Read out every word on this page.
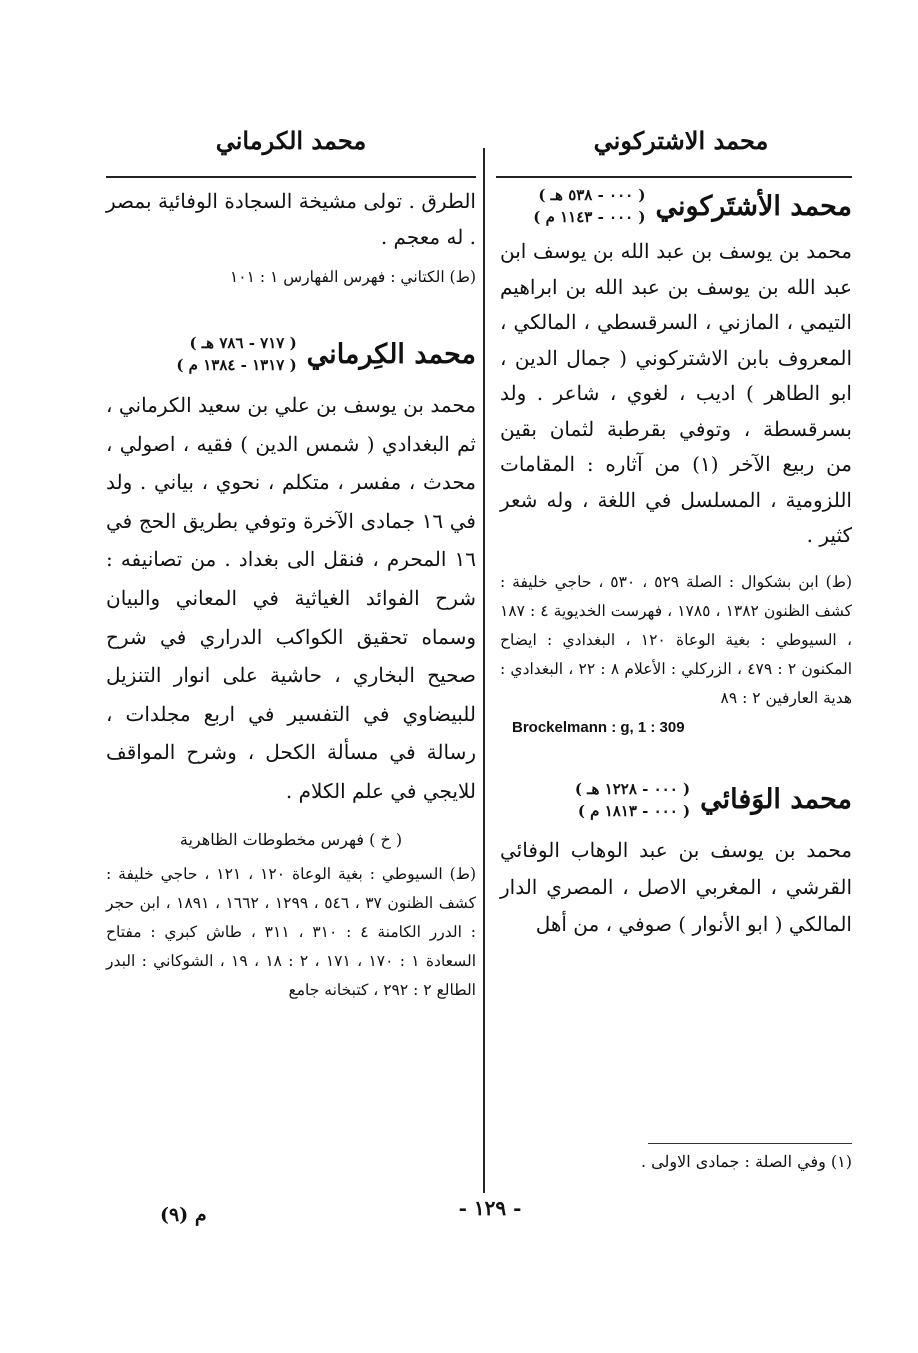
محمد الاشتركوني
محمد الكرماني
محمد الأشتَركوني
( ٠٠٠ - ٥٣٨ هـ )
( ٠٠٠ - ١١٤٣ م )

محمد بن يوسف بن عبد الله بن يوسف ابن عبد الله بن يوسف بن عبد الله بن ابراهيم التيمي ، المازني ، السرقسطي ، المالكي ، المعروف بابن الاشتركوني ( جمال الدين ، ابو الطاهر ) اديب ، لغوي ، شاعر . ولد بسرقسطة ، وتوفي بقرطبة لثمان بقين من ربيع الآخر (١) من آثاره : المقامات اللزومية ، المسلسل في اللغة ، وله شعر كثير .

(ط) ابن بشكوال : الصلة ٥٢٩ ، ٥٣٠ ، حاجي خليفة : كشف الظنون ١٣٨٢ ، ١٧٨٥ ، فهرست الخديوية ٤ : ١٨٧ ، السيوطي : بغية الوعاة ١٢٠ ، البغدادي : ايضاح المكنون ٢ : ٤٧٩ ، الزركلي : الأعلام ٨ : ٢٢ ، البغدادي : هدية العارفين ٢ : ٨٩

Brockelmann : g, 1 : 309

محمد الوَفائي
( ٠٠٠ - ١٢٢٨ هـ )
( ٠٠٠ - ١٨١٣ م )

محمد بن يوسف بن عبد الوهاب الوفائي القرشي ، المغربي الاصل ، المصري الدار المالكي ( ابو الأنوار ) صوفي ، من أهل

(١) وفي الصلة : جمادى الاولى .

الطرق . تولى مشيخة السجادة الوفائية بمصر . له معجم .

(ط) الكتاني : فهرس الفهارس ١ : ١٠١

محمد الكِرماني
( ٧١٧ - ٧٨٦ هـ )
( ١٣١٧ - ١٣٨٤ م )

محمد بن يوسف بن علي بن سعيد الكرماني ، ثم البغدادي ( شمس الدين ) فقيه ، اصولي ، محدث ، مفسر ، متكلم ، نحوي ، بياني . ولد في ١٦ جمادى الآخرة وتوفي بطريق الحج في ١٦ المحرم ، فنقل الى بغداد . من تصانيفه : شرح الفوائد الغياثية في المعاني والبيان وسماه تحقيق الكواكب الدراري في شرح صحيح البخاري ، حاشية على انوار التنزيل للبيضاوي في التفسير في اربع مجلدات ، رسالة في مسألة الكحل ، وشرح المواقف للايجي في علم الكلام .

( خ ) فهرس مخطوطات الظاهرية

(ط) السيوطي : بغية الوعاة ١٢٠ ، ١٢١ ، حاجي خليفة : كشف الظنون ٣٧ ، ٥٤٦ ، ١٢٩٩ ، ١٦٦٢ ، ١٨٩١ ، ابن حجر : الدرر الكامنة ٤ : ٣١٠ ، ٣١١ ، طاش كبري : مفتاح السعادة ١ : ١٧٠ ، ١٧١ ، ٢ : ١٨ ، ١٩ ، الشوكاني : البدر الطالع ٢ : ٢٩٢ ، كتبخانه جامع

- ١٢٩ -
م (٩)
